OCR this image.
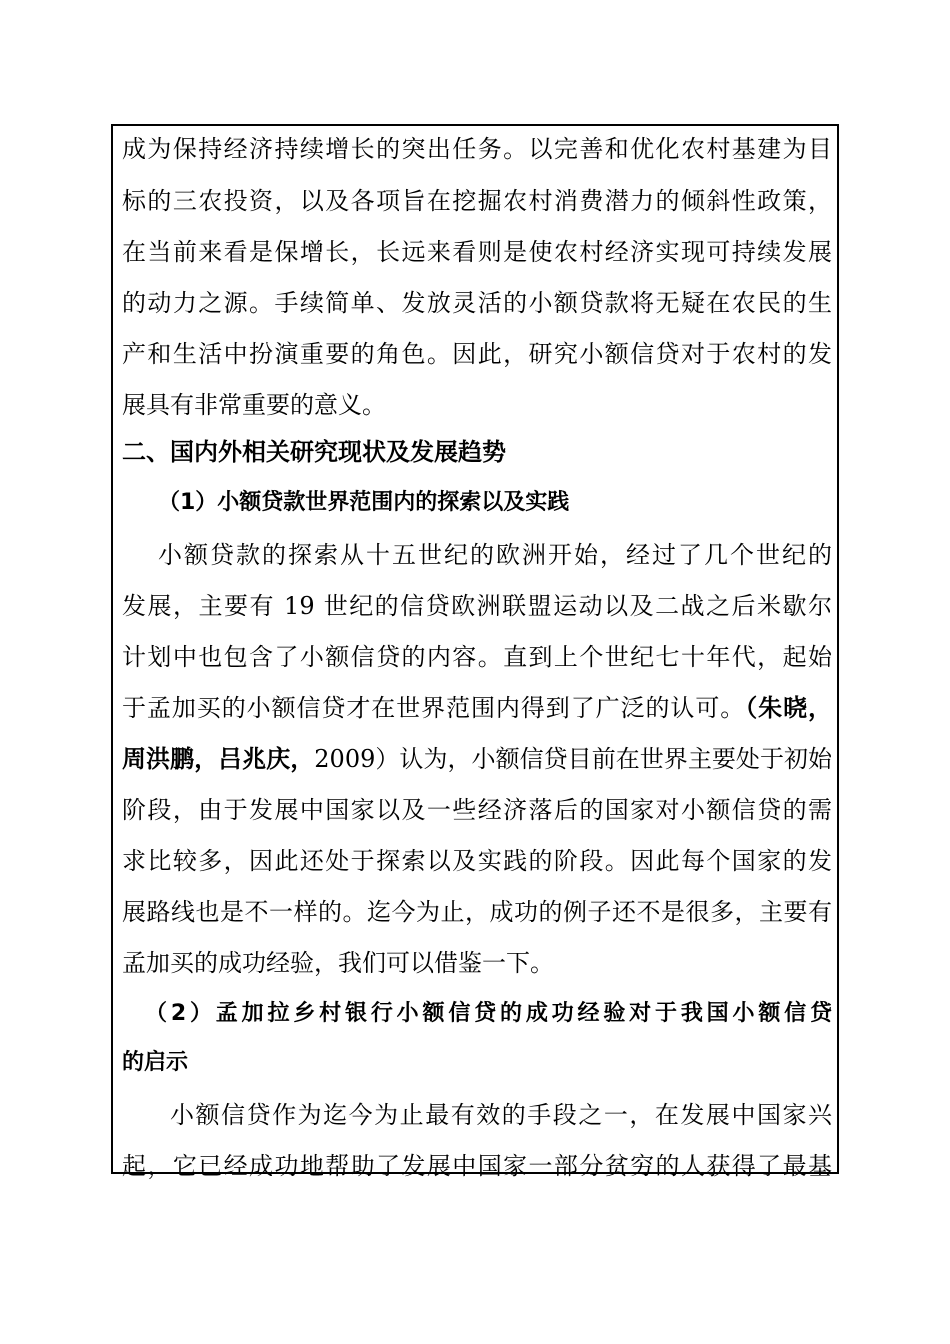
成为保持经济持续增长的突出任务。以完善和优化农村基建为目
标的三农投资，以及各项旨在挖掘农村消费潜力的倾斜性政策，
在当前来看是保增长，长远来看则是使农村经济实现可持续发展
的动力之源。手续简单、发放灵活的小额贷款将无疑在农民的生
产和生活中扮演重要的角色。因此，研究小额信贷对于农村的发
展具有非常重要的意义。
二、国内外相关研究现状及发展趋势
（1）小额贷款世界范围内的探索以及实践
小额贷款的探索从十五世纪的欧洲开始，经过了几个世纪的
发展，主要有 19 世纪的信贷欧洲联盟运动以及二战之后米歇尔
计划中也包含了小额信贷的内容。直到上个世纪七十年代，起始
于孟加买的小额信贷才在世界范围内得到了广泛的认可。（朱晓，
周洪鹏，吕兆庆，2009）认为，小额信贷目前在世界主要处于初始
阶段，由于发展中国家以及一些经济落后的国家对小额信贷的需
求比较多，因此还处于探索以及实践的阶段。因此每个国家的发
展路线也是不一样的。迄今为止，成功的例子还不是很多，主要有
孟加买的成功经验，我们可以借鉴一下。
（2）孟加拉乡村银行小额信贷的成功经验对于我国小额信贷
的启示
小额信贷作为迄今为止最有效的手段之一，在发展中国家兴
起，它已经成功地帮助了发展中国家一部分贫穷的人获得了最基
